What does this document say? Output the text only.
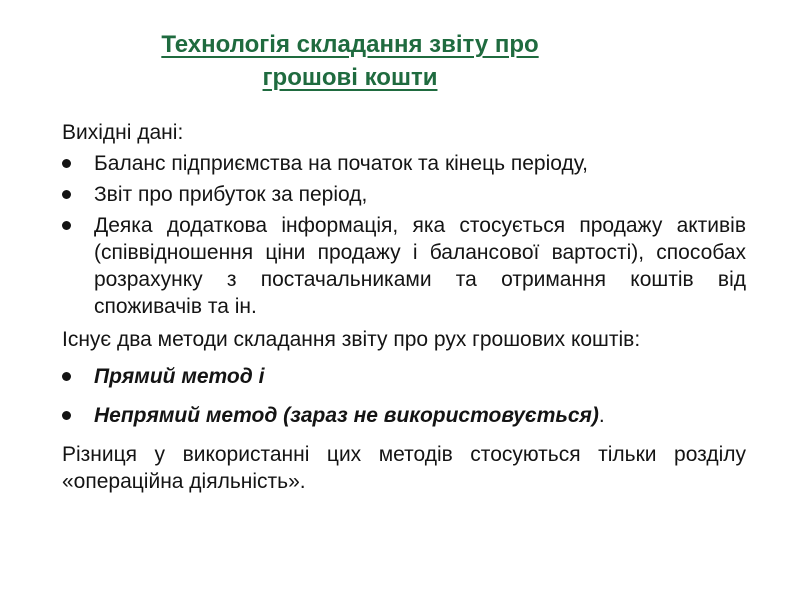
Технологія складання звіту про
грошові кошти
Вихідні дані:
Баланс підприємства на початок та кінець періоду,
Звіт про прибуток за період,
Деяка додаткова інформація, яка стосується продажу активів (співвідношення ціни продажу і балансової вартості), способах розрахунку з постачальниками та отримання коштів від споживачів та ін.
Існує два методи складання звіту про рух грошових коштів:
Прямий метод і
Непрямий метод (зараз не використовується).
Різниця у використанні цих методів стосуються тільки розділу «операційна діяльність».
